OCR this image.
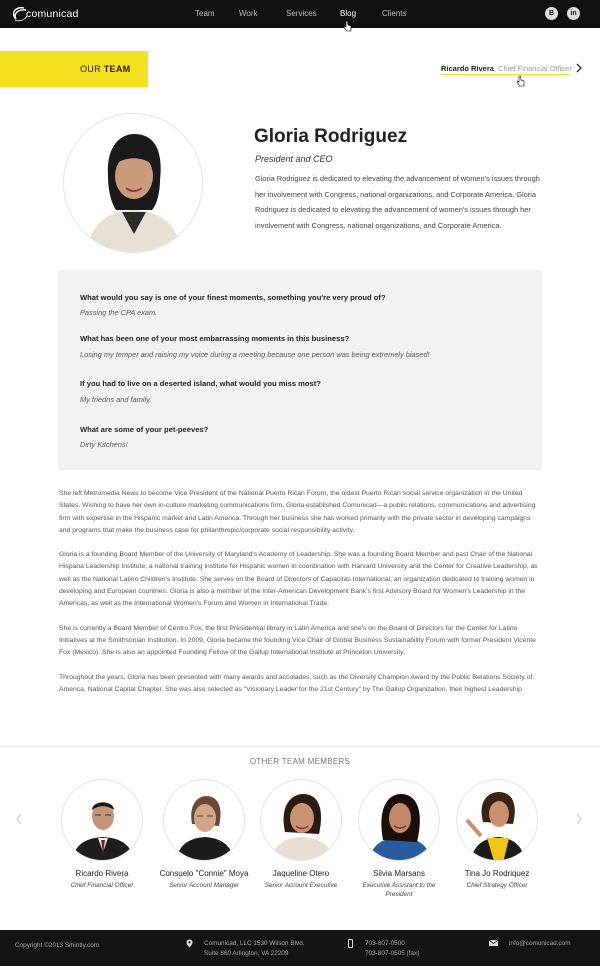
comunicad	Team	Work	Services	Blog	Clients	B	in
OUR TEAM	Ricardo Rivera, Chief Financial Officer
Gloria Rodriguez
President and CEO
Gloria Rodriguez is dedicated to elevating the advancement of women's issues through her involvement with Congress, national organizations, and Corporate America. Gloria Rodriguez is dedicated to elevating the advancement of women's issues through her involvement with Congress, national organizations, and Corporate America.
What would you say is one of your finest moments, something you're very proud of?
Passing the CPA exam.
What has been one of your most embarrassing moments in this business?
Losing my temper and raising my voice during a meeting because one person was being extremely biased!
If you had to live on a deserted island, what would you miss most?
My friedns and family.
What are some of your pet-peeves?
Dirty Kitchens!

She left Metromedia News to become Vice President of the National Puerto Rican Forum, the oldest Puerto Rican social service organization in the United States. Wishing to have her own in-culture marketing communications firm, Gloria established Comunicad—a public relations, communications and advertising firm with expertise in the Hispanic market and Latin America. Through her business she has worked primarily with the private sector in developing campaigns and programs that make the business case for philanthropic/corporate social responsibility activity.

Gloria is a founding Board Member of the University of Maryland's Academy of Leadership. She was a founding Board Member and past Chair of the National Hispana Leadership Institute, a national training institute for Hispanic women in coordination with Harvard University and the Center for Creative Leadership, as well as the National Latino Children's Institute. She serves on the Board of Directors of Capacitas International, an organization dedicated to training women in developing and European countries. Gloria is also a member of the Inter-American Development Bank's first Advisory Board for Women's Leadership in the Americas, as well as the International Women's Forum and Women in International Trade.

She is currently a Board Member of Centro Fox, the first Presidential library in Latin America and she's on the Board of Directors for the Center for Latino Initiatives at the Smithsonian Institution. In 2009, Gloria became the founding Vice Chair of Global Business Sustainability Forum with former President Vicente Fox (Mexico). She is also an appointed Founding Fellow of the Gallup International Institute at Princeton University.

Throughout the years, Gloria has been presented with many awards and accolades, such as the Diversity Champion Award by the Public Relations Society of America, National Capital Chapter. She was also selected as "Visionary Leader for the 21st Century" by The Gallup Organization, their highest Leadership

OTHER TEAM MEMBERS
Ricardo Rivera
Chief Financial Officer
Consuelo "Connie" Moya
Senior Account Manager
Jaqueline Otero
Senior Account Executive
Silvia Marsans
Executive Assistant to the President
Tina Jo Rodriquez
Chief Strategy Officer
Copyright ©2013 Smintly.com	Comunicad, LLC 1530 Wilson Blvd.
Suite 860 Arlington, VA 22209
703-807-0500
703-807-0505 (fax)
info@comunicad.com
